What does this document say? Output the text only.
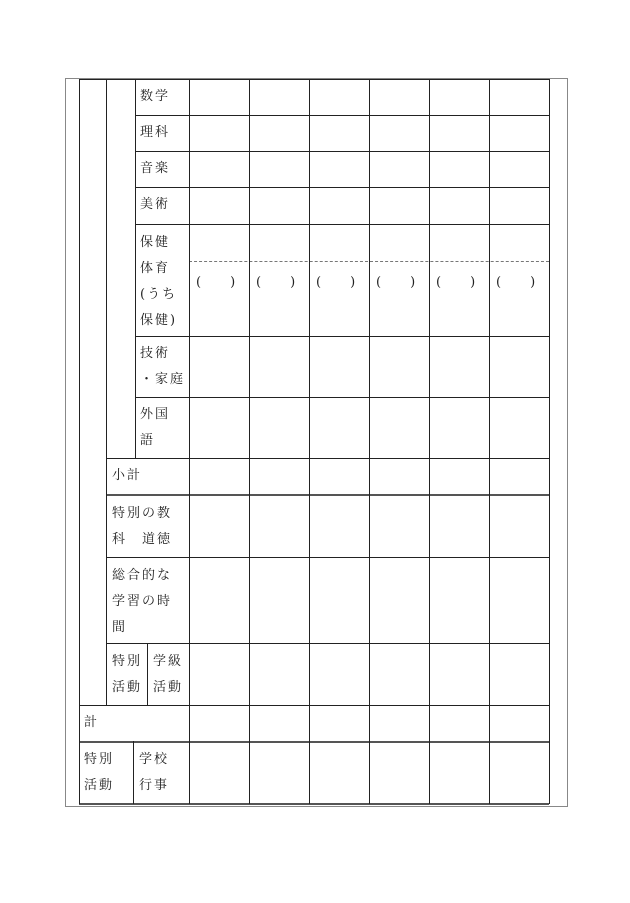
数学
理科
音楽
美術
保健
体育
(うち
保健)
(　　) (　　) (　　) (　　) (　　) (　　)
技術
・家庭
外国
語
小計
特別の教
科　道徳
総合的な
学習の時
間
特別
活動
学級
活動
計
特別
活動
学校
行事
